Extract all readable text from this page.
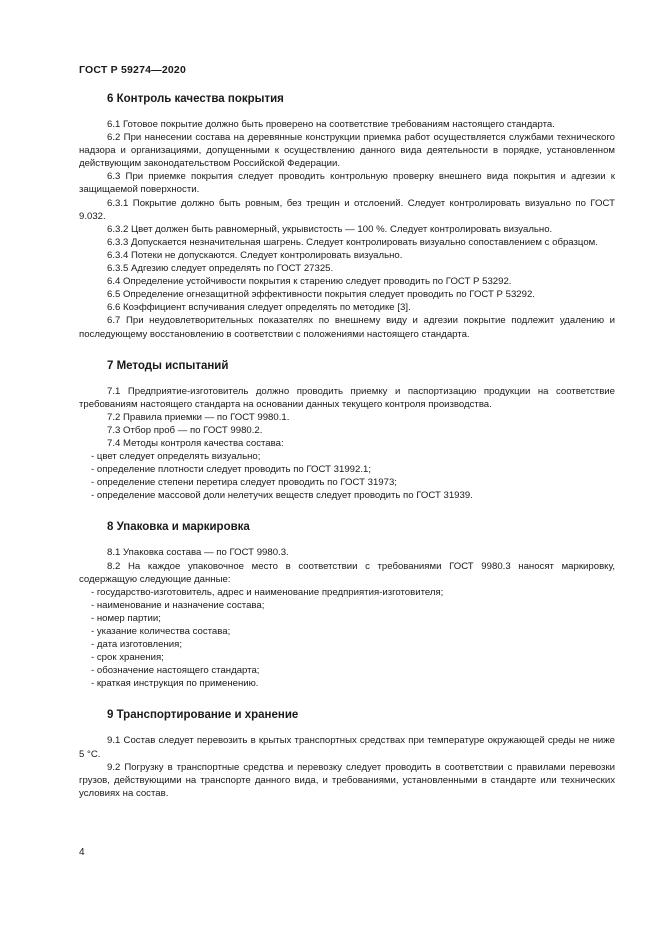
ГОСТ Р 59274—2020
6 Контроль качества покрытия

6.1 Готовое покрытие должно быть проверено на соответствие требованиям настоящего стандарта.

6.2 При нанесении состава на деревянные конструкции приемка работ осуществляется службами технического надзора и организациями, допущенными к осуществлению данного вида деятельности в порядке, установленном действующим законодательством Российской Федерации.

6.3 При приемке покрытия следует проводить контрольную проверку внешнего вида покрытия и адгезии к защищаемой поверхности.

6.3.1 Покрытие должно быть ровным, без трещин и отслоений. Следует контролировать визуально по ГОСТ 9.032.

6.3.2 Цвет должен быть равномерный, укрывистость — 100 %. Следует контролировать визуально.

6.3.3 Допускается незначительная шагрень. Следует контролировать визуально сопоставлением с образцом.

6.3.4 Потеки не допускаются. Следует контролировать визуально.

6.3.5 Адгезию следует определять по ГОСТ 27325.

6.4 Определение устойчивости покрытия к старению следует проводить по ГОСТ Р 53292.

6.5 Определение огнезащитной эффективности покрытия следует проводить по ГОСТ Р 53292.

6.6 Коэффициент вспучивания следует определять по методике [3].

6.7 При неудовлетворительных показателях по внешнему виду и адгезии покрытие подлежит удалению и последующему восстановлению в соответствии с положениями настоящего стандарта.

7 Методы испытаний

7.1 Предприятие-изготовитель должно проводить приемку и паспортизацию продукции на соответствие требованиям настоящего стандарта на основании данных текущего контроля производства.

7.2 Правила приемки — по ГОСТ 9980.1.

7.3 Отбор проб — по ГОСТ 9980.2.

7.4 Методы контроля качества состава:

- цвет следует определять визуально;

- определение плотности следует проводить по ГОСТ 31992.1;

- определение степени перетира следует проводить по ГОСТ 31973;

- определение массовой доли нелетучих веществ следует проводить по ГОСТ 31939.

8 Упаковка и маркировка

8.1 Упаковка состава — по ГОСТ 9980.3.

8.2 На каждое упаковочное место в соответствии с требованиями ГОСТ 9980.3 наносят маркировку, содержащую следующие данные:

- государство-изготовитель, адрес и наименование предприятия-изготовителя;

- наименование и назначение состава;

- номер партии;

- указание количества состава;

- дата изготовления;

- срок хранения;

- обозначение настоящего стандарта;

- краткая инструкция по применению.

9 Транспортирование и хранение

9.1 Состав следует перевозить в крытых транспортных средствах при температуре окружающей среды не ниже 5 °С.

9.2 Погрузку в транспортные средства и перевозку следует проводить в соответствии с правилами перевозки грузов, действующими на транспорте данного вида, и требованиями, установленными в стандарте или технических условиях на состав.

4
